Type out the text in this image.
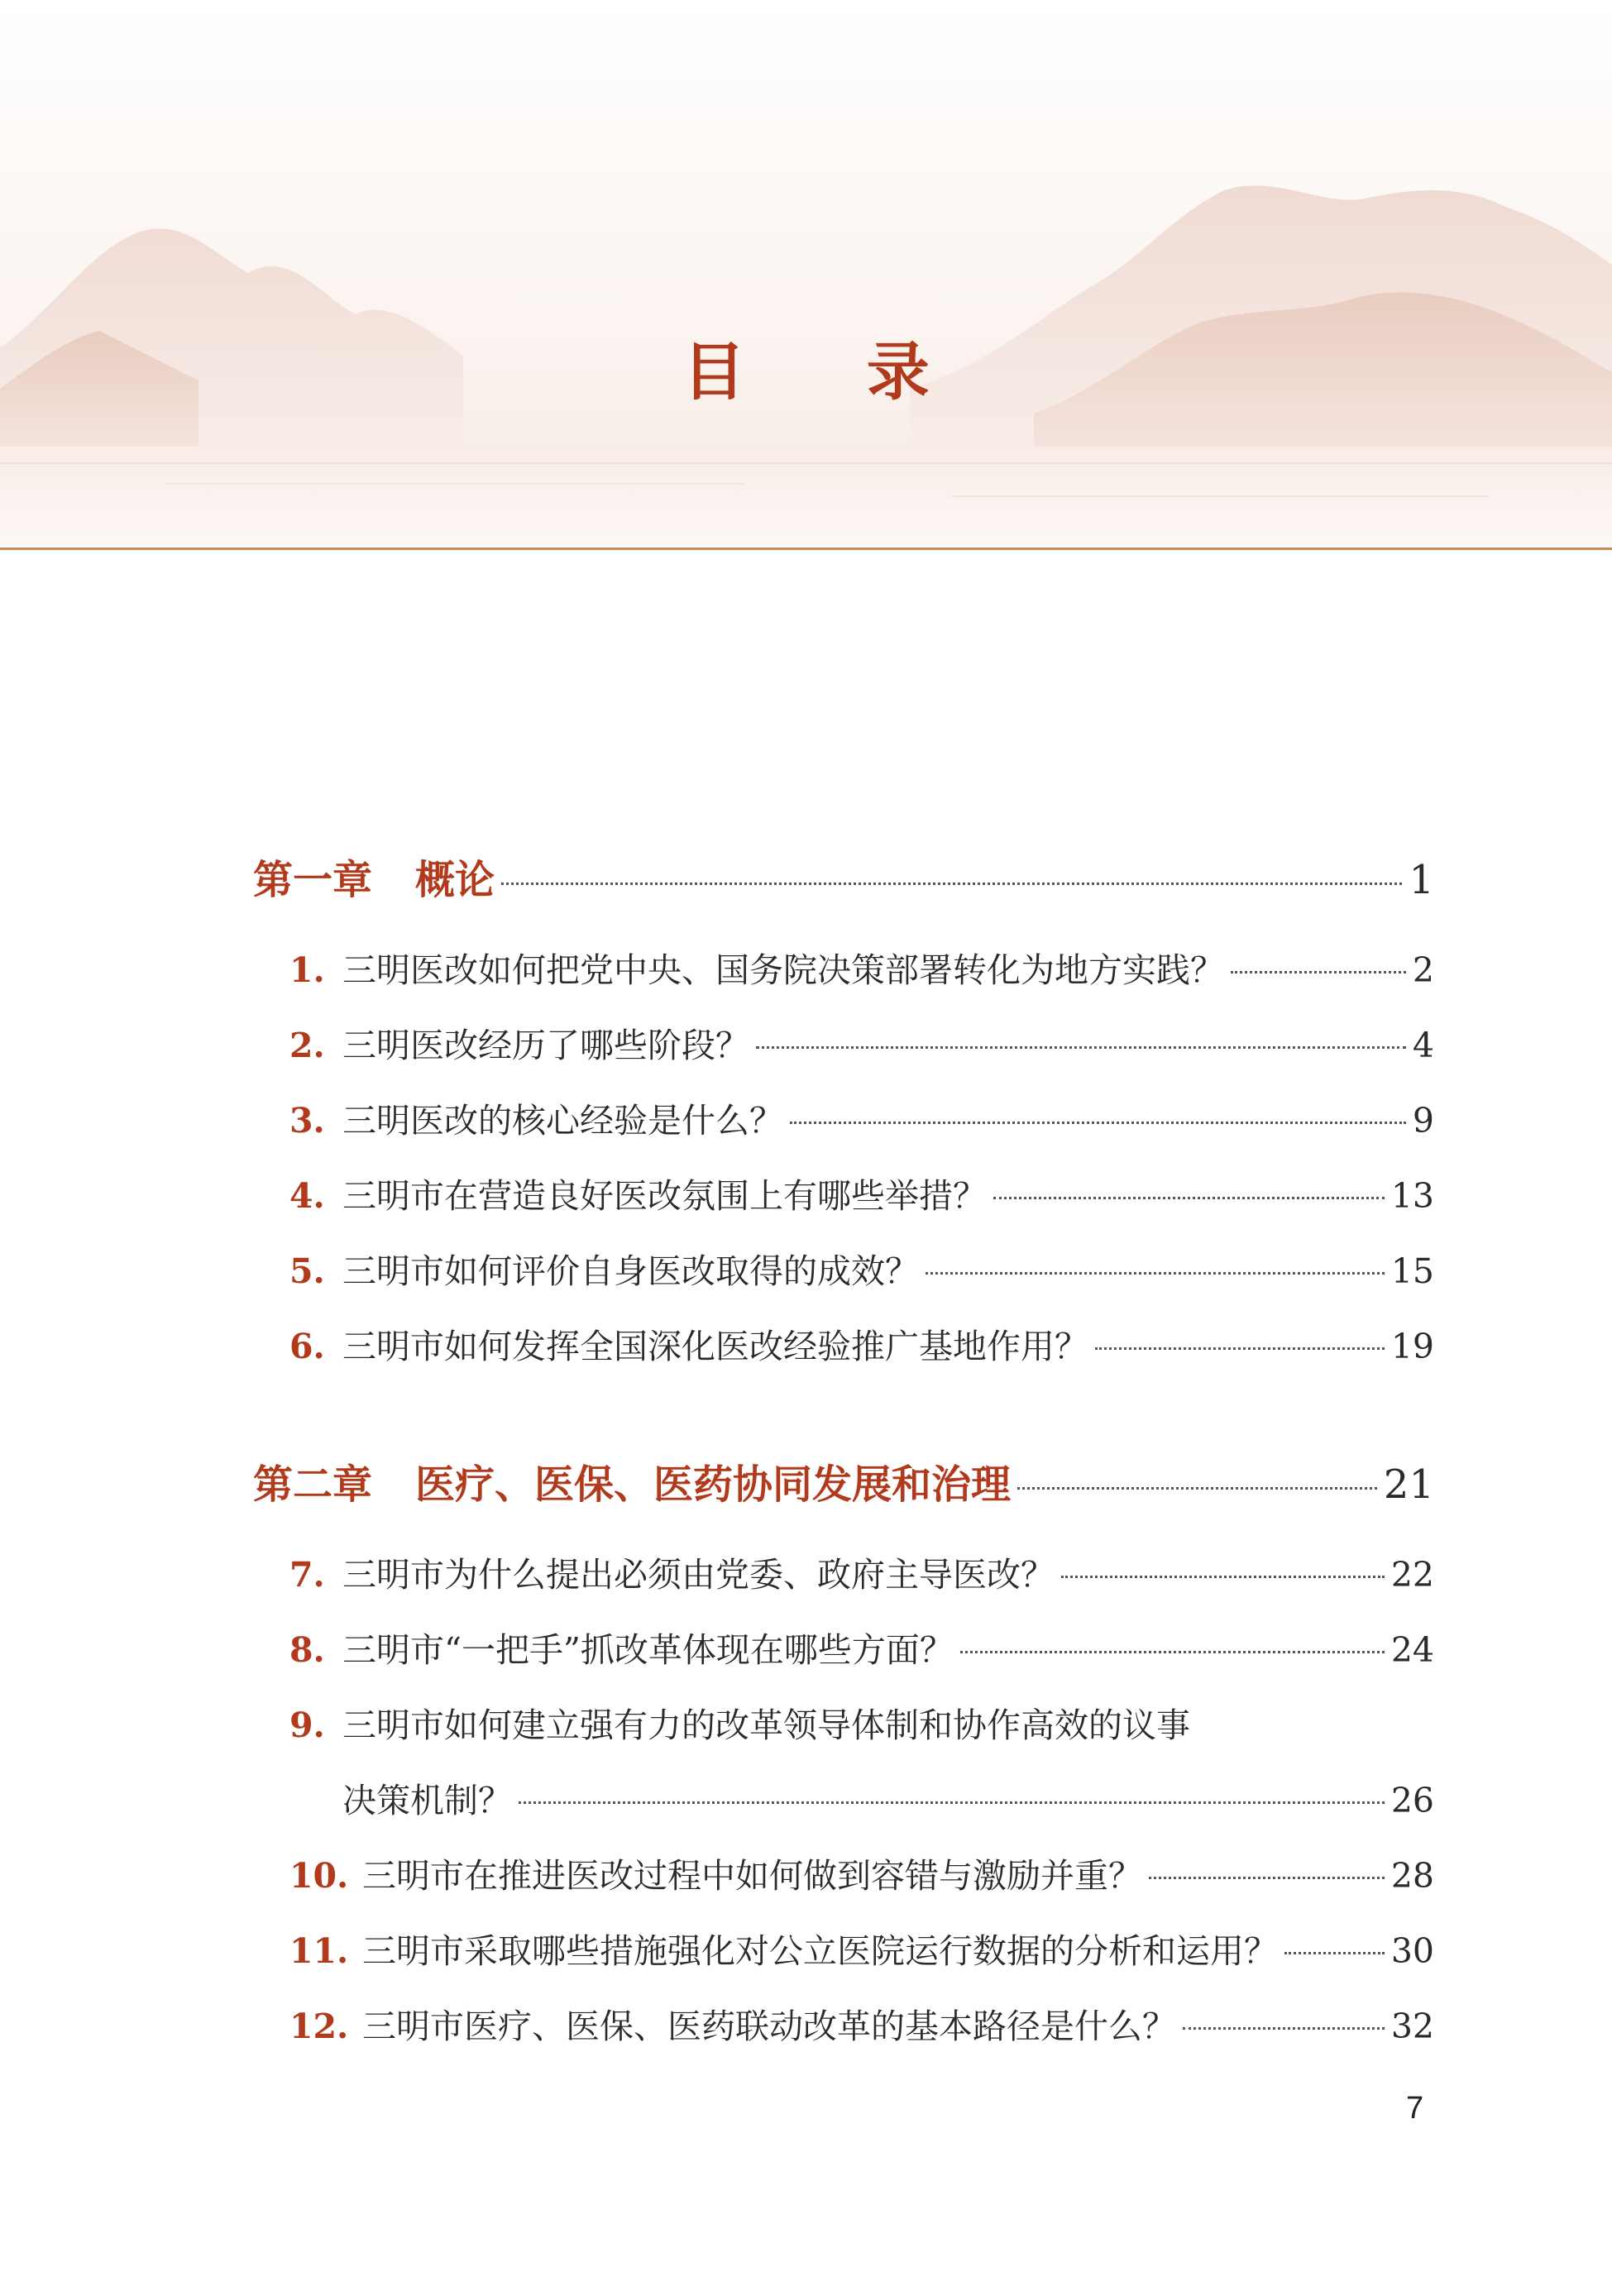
目 录
第一章 概论	1
1. 三明医改如何把党中央、国务院决策部署转化为地方实践？	2
2. 三明医改经历了哪些阶段？	4
3. 三明医改的核心经验是什么？	9
4. 三明市在营造良好医改氛围上有哪些举措？	13
5. 三明市如何评价自身医改取得的成效？	15
6. 三明市如何发挥全国深化医改经验推广基地作用？	19
第二章 医疗、医保、医药协同发展和治理	21
7. 三明市为什么提出必须由党委、政府主导医改？	22
8. 三明市“一把手”抓改革体现在哪些方面？	24
9. 三明市如何建立强有力的改革领导体制和协作高效的议事
决策机制？	26
10. 三明市在推进医改过程中如何做到容错与激励并重？	28
11. 三明市采取哪些措施强化对公立医院运行数据的分析和运用？	30
12. 三明市医疗、医保、医药联动改革的基本路径是什么？	32
7
